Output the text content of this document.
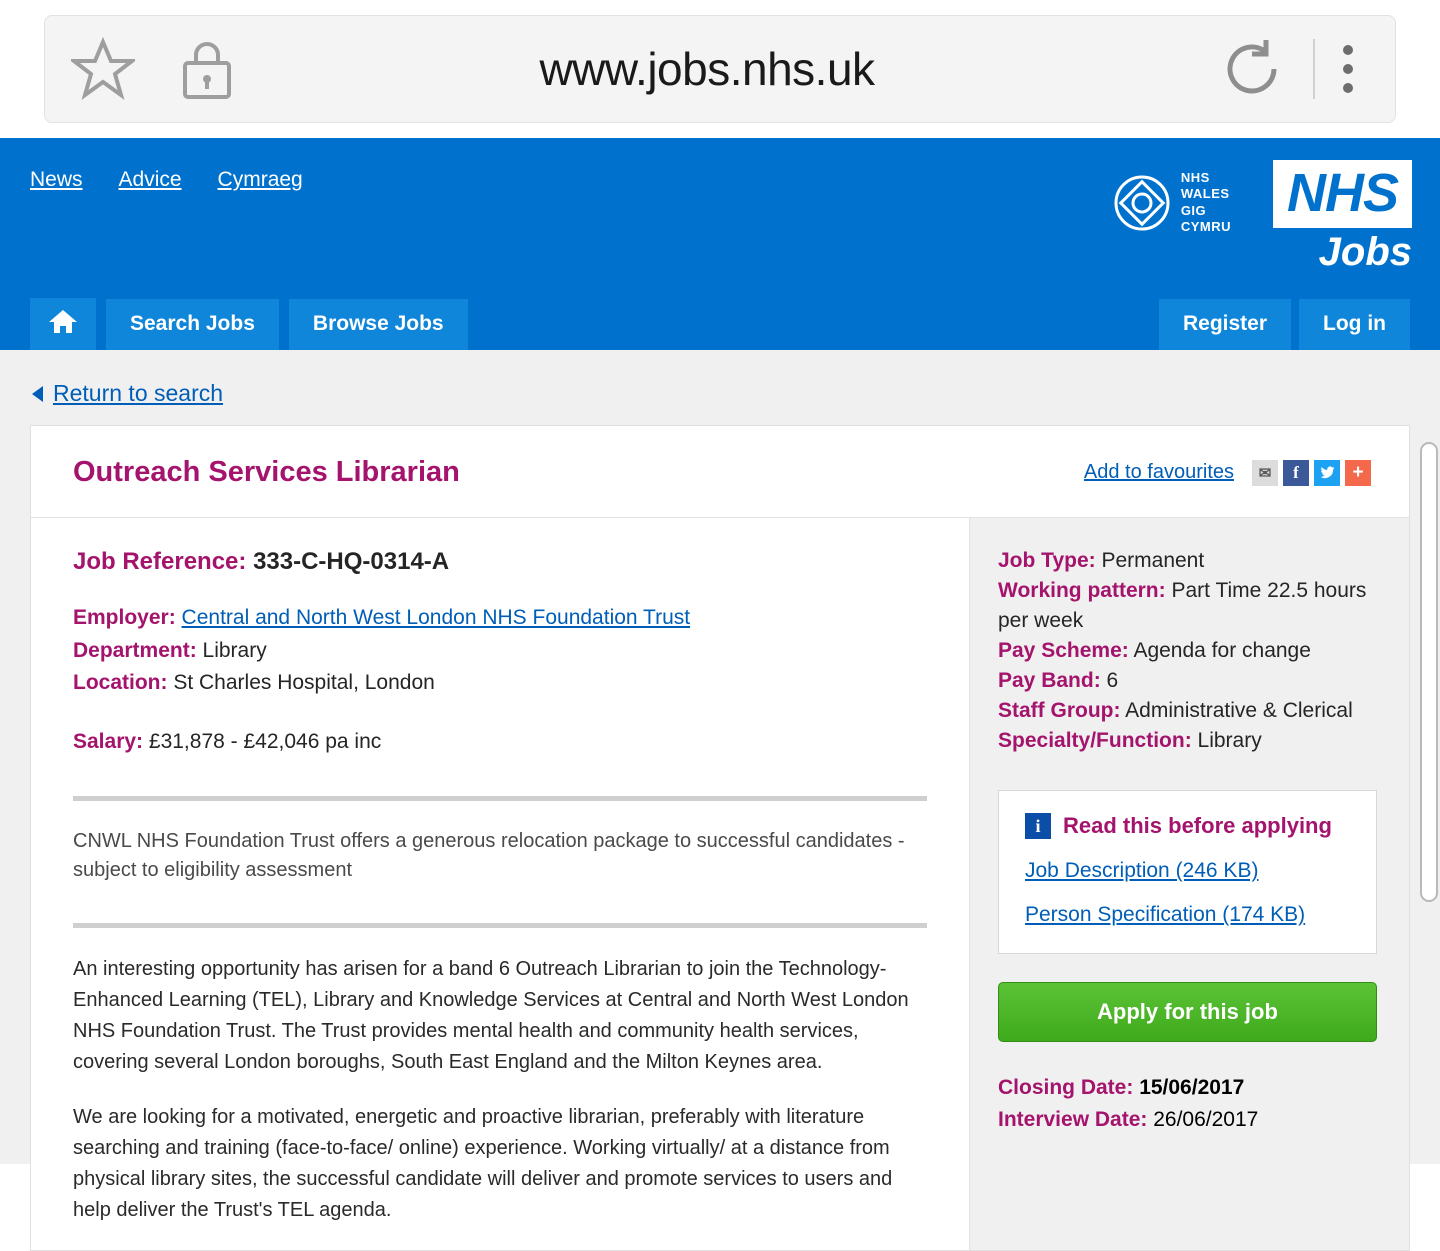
www.jobs.nhs.uk
News Advice Cymraeg	NHS
WALES
GIG
CYMRU
NHS
Jobs
Search Jobs	Browse Jobs	Register	Log in
Return to search
Outreach Services Librarian	Add to favourites	✉	f	+

Job Reference: 333-C-HQ-0314-A

Employer: Central and North West London NHS Foundation Trust
Department: Library
Location: St Charles Hospital, London
Salary: £31,878 - £42,046 pa inc
CNWL NHS Foundation Trust offers a generous relocation package to successful candidates - subject to eligibility assessment

An interesting opportunity has arisen for a band 6 Outreach Librarian to join the Technology-Enhanced Learning (TEL), Library and Knowledge Services at Central and North West London NHS Foundation Trust. The Trust provides mental health and community health services, covering several London boroughs, South East England and the Milton Keynes area.

We are looking for a motivated, energetic and proactive librarian, preferably with literature searching and training (face-to-face/ online) experience. Working virtually/ at a distance from physical library sites, the successful candidate will deliver and promote services to users and help deliver the Trust's TEL agenda.

Job Type: Permanent
Working pattern: Part Time 22.5 hours per week
Pay Scheme: Agenda for change
Pay Band: 6
Staff Group: Administrative & Clerical
Specialty/Function: Library
i	Read this before applying
Job Description (246 KB)
Person Specification (174 KB)
Apply for this job
Closing Date: 15/06/2017
Interview Date: 26/06/2017
